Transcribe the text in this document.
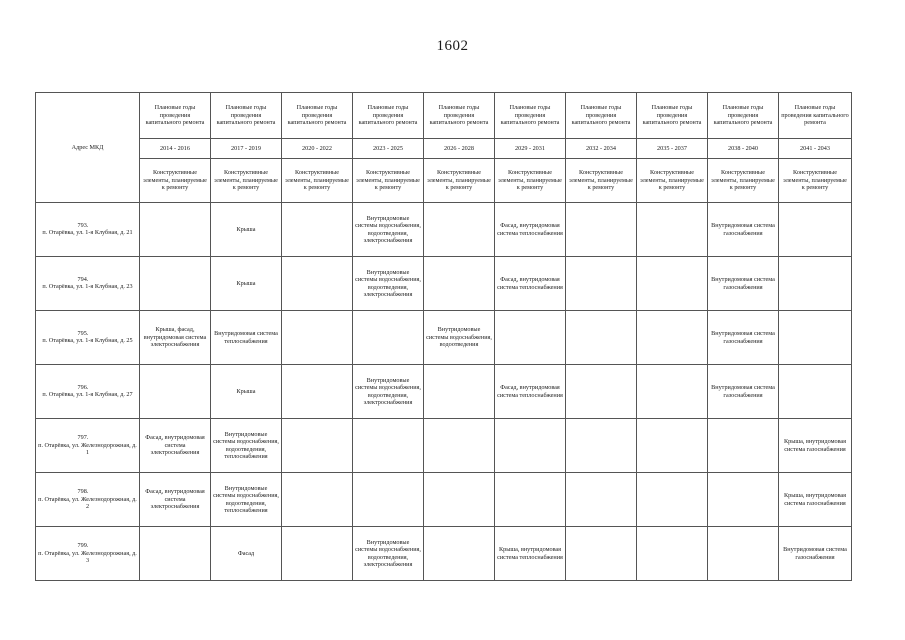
1602
Адрес МКД	Плановые годы проведения капитального ремонта	Плановые годы проведения капитального ремонта	Плановые годы проведения капитального ремонта	Плановые годы проведения капитального ремонта	Плановые годы проведения капитального ремонта	Плановые годы проведения капитального ремонта	Плановые годы проведения капитального ремонта	Плановые годы проведения капитального ремонта	Плановые годы проведения капитального ремонта	Плановые годы проведения капитального ремонта
	2014 - 2016	2017 - 2019	2020 - 2022	2023 - 2025	2026 - 2028	2029 - 2031	2032 - 2034	2035 - 2037	2038 - 2040	2041 - 2043
	Конструктивные элементы, планируемые к ремонту	Конструктивные элементы, планируемые к ремонту	Конструктивные элементы, планируемые к ремонту	Конструктивные элементы, планируемые к ремонту	Конструктивные элементы, планируемые к ремонту	Конструктивные элементы, планируемые к ремонту	Конструктивные элементы, планируемые к ремонту	Конструктивные элементы, планируемые к ремонту	Конструктивные элементы, планируемые к ремонту	Конструктивные элементы, планируемые к ремонту
793.п. Отарёвка, ул. 1-я Клубная, д. 21		Крыша		Внутридомовые системы водоснабжения, водоотведения, электроснабжения		Фасад, внутридомовая система теплоснабжения			Внутридомовая система газоснабжения	
794.п. Отарёвка, ул. 1-я Клубная, д. 23		Крыша		Внутридомовые системы водоснабжения, водоотведения, электроснабжения		Фасад, внутридомовая система теплоснабжения			Внутридомовая система газоснабжения	
795.п. Отарёвка, ул. 1-я Клубная, д. 25	Крыша, фасад, внутридомовая система электроснабжения	Внутридомовая система теплоснабжения			Внутридомовые системы водоснабжения, водоотведения				Внутридомовая система газоснабжения	
796.п. Отарёвка, ул. 1-я Клубная, д. 27		Крыша		Внутридомовые системы водоснабжения, водоотведения, электроснабжения		Фасад, внутридомовая система теплоснабжения			Внутридомовая система газоснабжения	
797.п. Отарёвка, ул. Железнодорожная, д. 1	Фасад, внутридомовая система электроснабжения	Внутридомовые системы водоснабжения, водоотведения, теплоснабжения								Крыша, внутридомовая система газоснабжения
798.п. Отарёвка, ул. Железнодорожная, д. 2	Фасад, внутридомовая система электроснабжения	Внутридомовые системы водоснабжения, водоотведения, теплоснабжения								Крыша, внутридомовая система газоснабжения
799.п. Отарёвка, ул. Железнодорожная, д. 3		Фасад		Внутридомовые системы водоснабжения, водоотведения, электроснабжения		Крыша, внутридомовая система теплоснабжения				Внутридомовая система газоснабжения
